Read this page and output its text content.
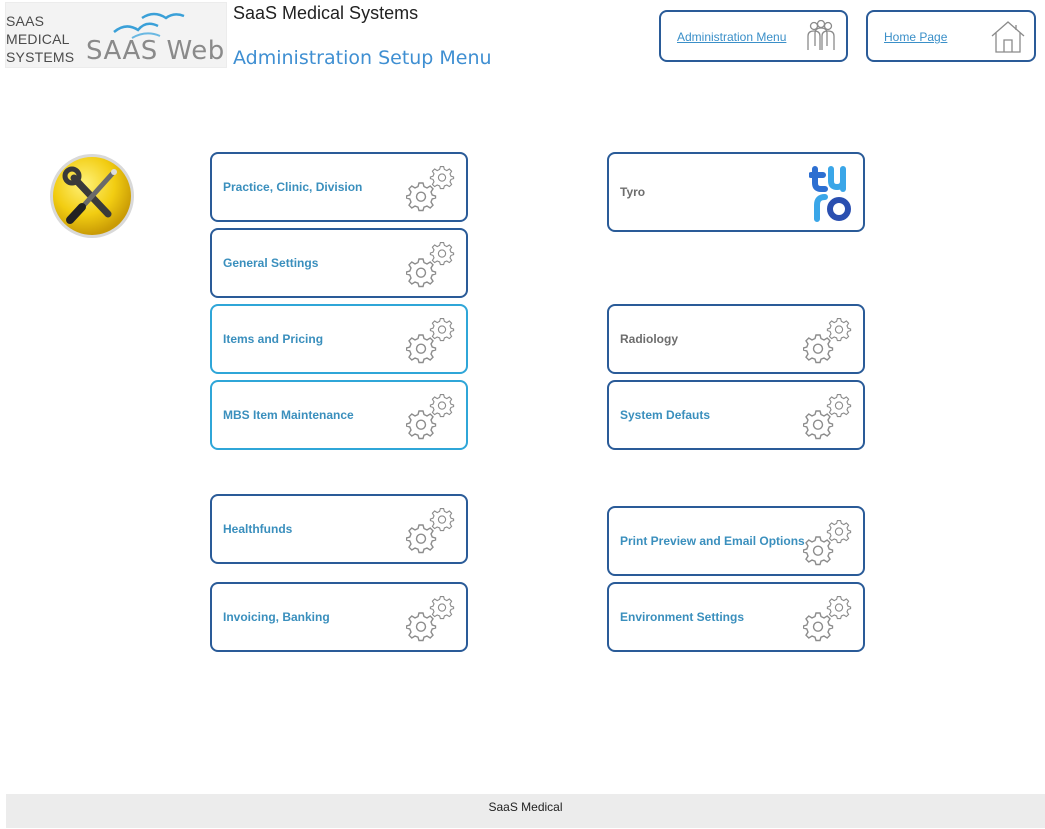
SAAS
MEDICAL
SYSTEMS SAAS Web
SaaS Medical Systems
Administration Setup Menu
Administration Menu	Home Page
Practice, Clinic, Division
General Settings
Items and Pricing
MBS Item Maintenance
Healthfunds
Invoicing, Banking
Tyro
Radiology
System Defauts
Print Preview and Email Options
Environment Settings
SaaS Medical
